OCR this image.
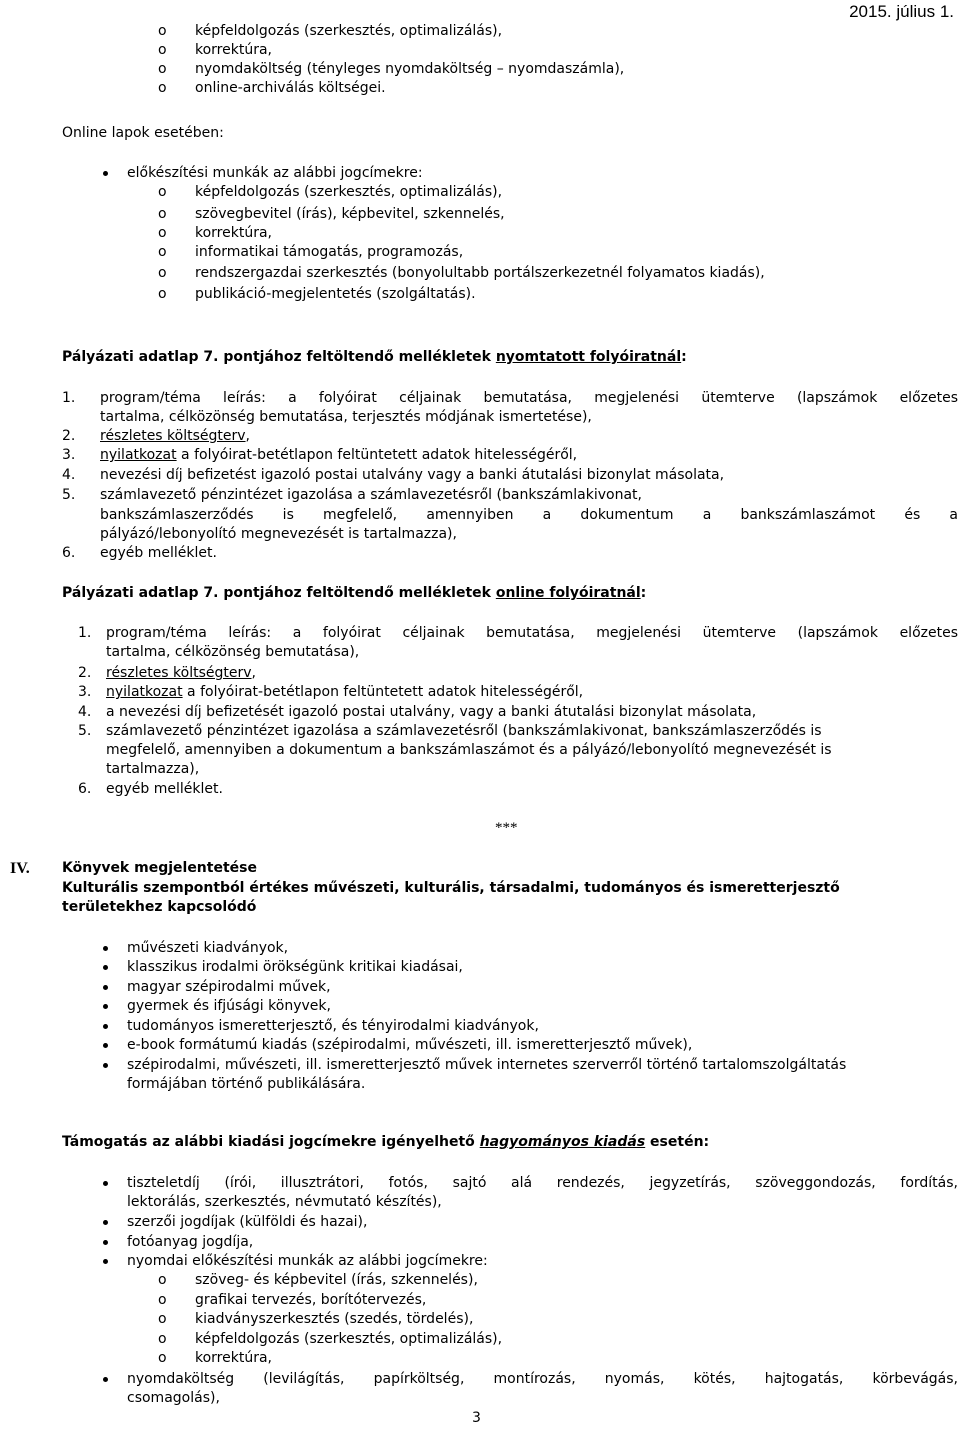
2015. július 1.
o képfeldolgozás (szerkesztés, optimalizálás),
o korrektúra,
o nyomdaköltség (tényleges nyomdaköltség – nyomdaszámla),
o online-archiválás költségei.
Online lapok esetében:
előkészítési munkák az alábbi jogcímekre:
o képfeldolgozás (szerkesztés, optimalizálás),
o szövegbevitel (írás), képbevitel, szkennelés,
o korrektúra,
o informatikai támogatás, programozás,
o rendszergazdai szerkesztés (bonyolultabb portálszerkezetnél folyamatos kiadás),
o publikáció-megjelentetés (szolgáltatás).
Pályázati adatlap 7. pontjához feltöltendő mellékletek nyomtatott folyóiratnál:
1. program/téma leírás: a folyóirat céljainak bemutatása, megjelenési ütemterve (lapszámok előzetes
tartalma, célközönség bemutatása, terjesztés módjának ismertetése),
2. részletes költségterv,
3. nyilatkozat a folyóirat-betétlapon feltüntetett adatok hitelességéről,
4. nevezési díj befizetést igazoló postai utalvány vagy a banki átutalási bizonylat másolata,
5. számlavezető pénzintézet igazolása a számlavezetésről (bankszámlakivonat,
bankszámlaszerződés is megfelelő, amennyiben a dokumentum a bankszámlaszámot és a
pályázó/lebonyolító megnevezését is tartalmazza),
6. egyéb melléklet.
Pályázati adatlap 7. pontjához feltöltendő mellékletek online folyóiratnál:
1. program/téma leírás: a folyóirat céljainak bemutatása, megjelenési ütemterve (lapszámok előzetes
tartalma, célközönség bemutatása),
2. részletes költségterv,
3. nyilatkozat a folyóirat-betétlapon feltüntetett adatok hitelességéről,
4. a nevezési díj befizetését igazoló postai utalvány, vagy a banki átutalási bizonylat másolata,
5. számlavezető pénzintézet igazolása a számlavezetésről (bankszámlakivonat, bankszámlaszerződés is
megfelelő, amennyiben a dokumentum a bankszámlaszámot és a pályázó/lebonyolító megnevezését is
tartalmazza),
6. egyéb melléklet.
***
IV. Könyvek megjelentetése
Kulturális szempontból értékes művészeti, kulturális, társadalmi, tudományos és ismeretterjesztő
területekhez kapcsolódó
művészeti kiadványok,
klasszikus irodalmi örökségünk kritikai kiadásai,
magyar szépirodalmi művek,
gyermek és ifjúsági könyvek,
tudományos ismeretterjesztő, és tényirodalmi kiadványok,
e-book formátumú kiadás (szépirodalmi, művészeti, ill. ismeretterjesztő művek),
szépirodalmi, művészeti, ill. ismeretterjesztő művek internetes szerverről történő tartalomszolgáltatás
formájában történő publikálására.
Támogatás az alábbi kiadási jogcímekre igényelhető hagyományos kiadás esetén:
tiszteletdíj (írói, illusztrátori, fotós, sajtó alá rendezés, jegyzetírás, szöveggondozás, fordítás,
lektorálás, szerkesztés, névmutató készítés),
szerzői jogdíjak (külföldi és hazai),
fotóanyag jogdíja,
nyomdai előkészítési munkák az alábbi jogcímekre:
o szöveg- és képbevitel (írás, szkennelés),
o grafikai tervezés, borítótervezés,
o kiadványszerkesztés (szedés, tördelés),
o képfeldolgozás (szerkesztés, optimalizálás),
o korrektúra,
nyomdaköltség (levilágítás, papírköltség, montírozás, nyomás, kötés, hajtogatás, körbevágás,
csomagolás),
3
